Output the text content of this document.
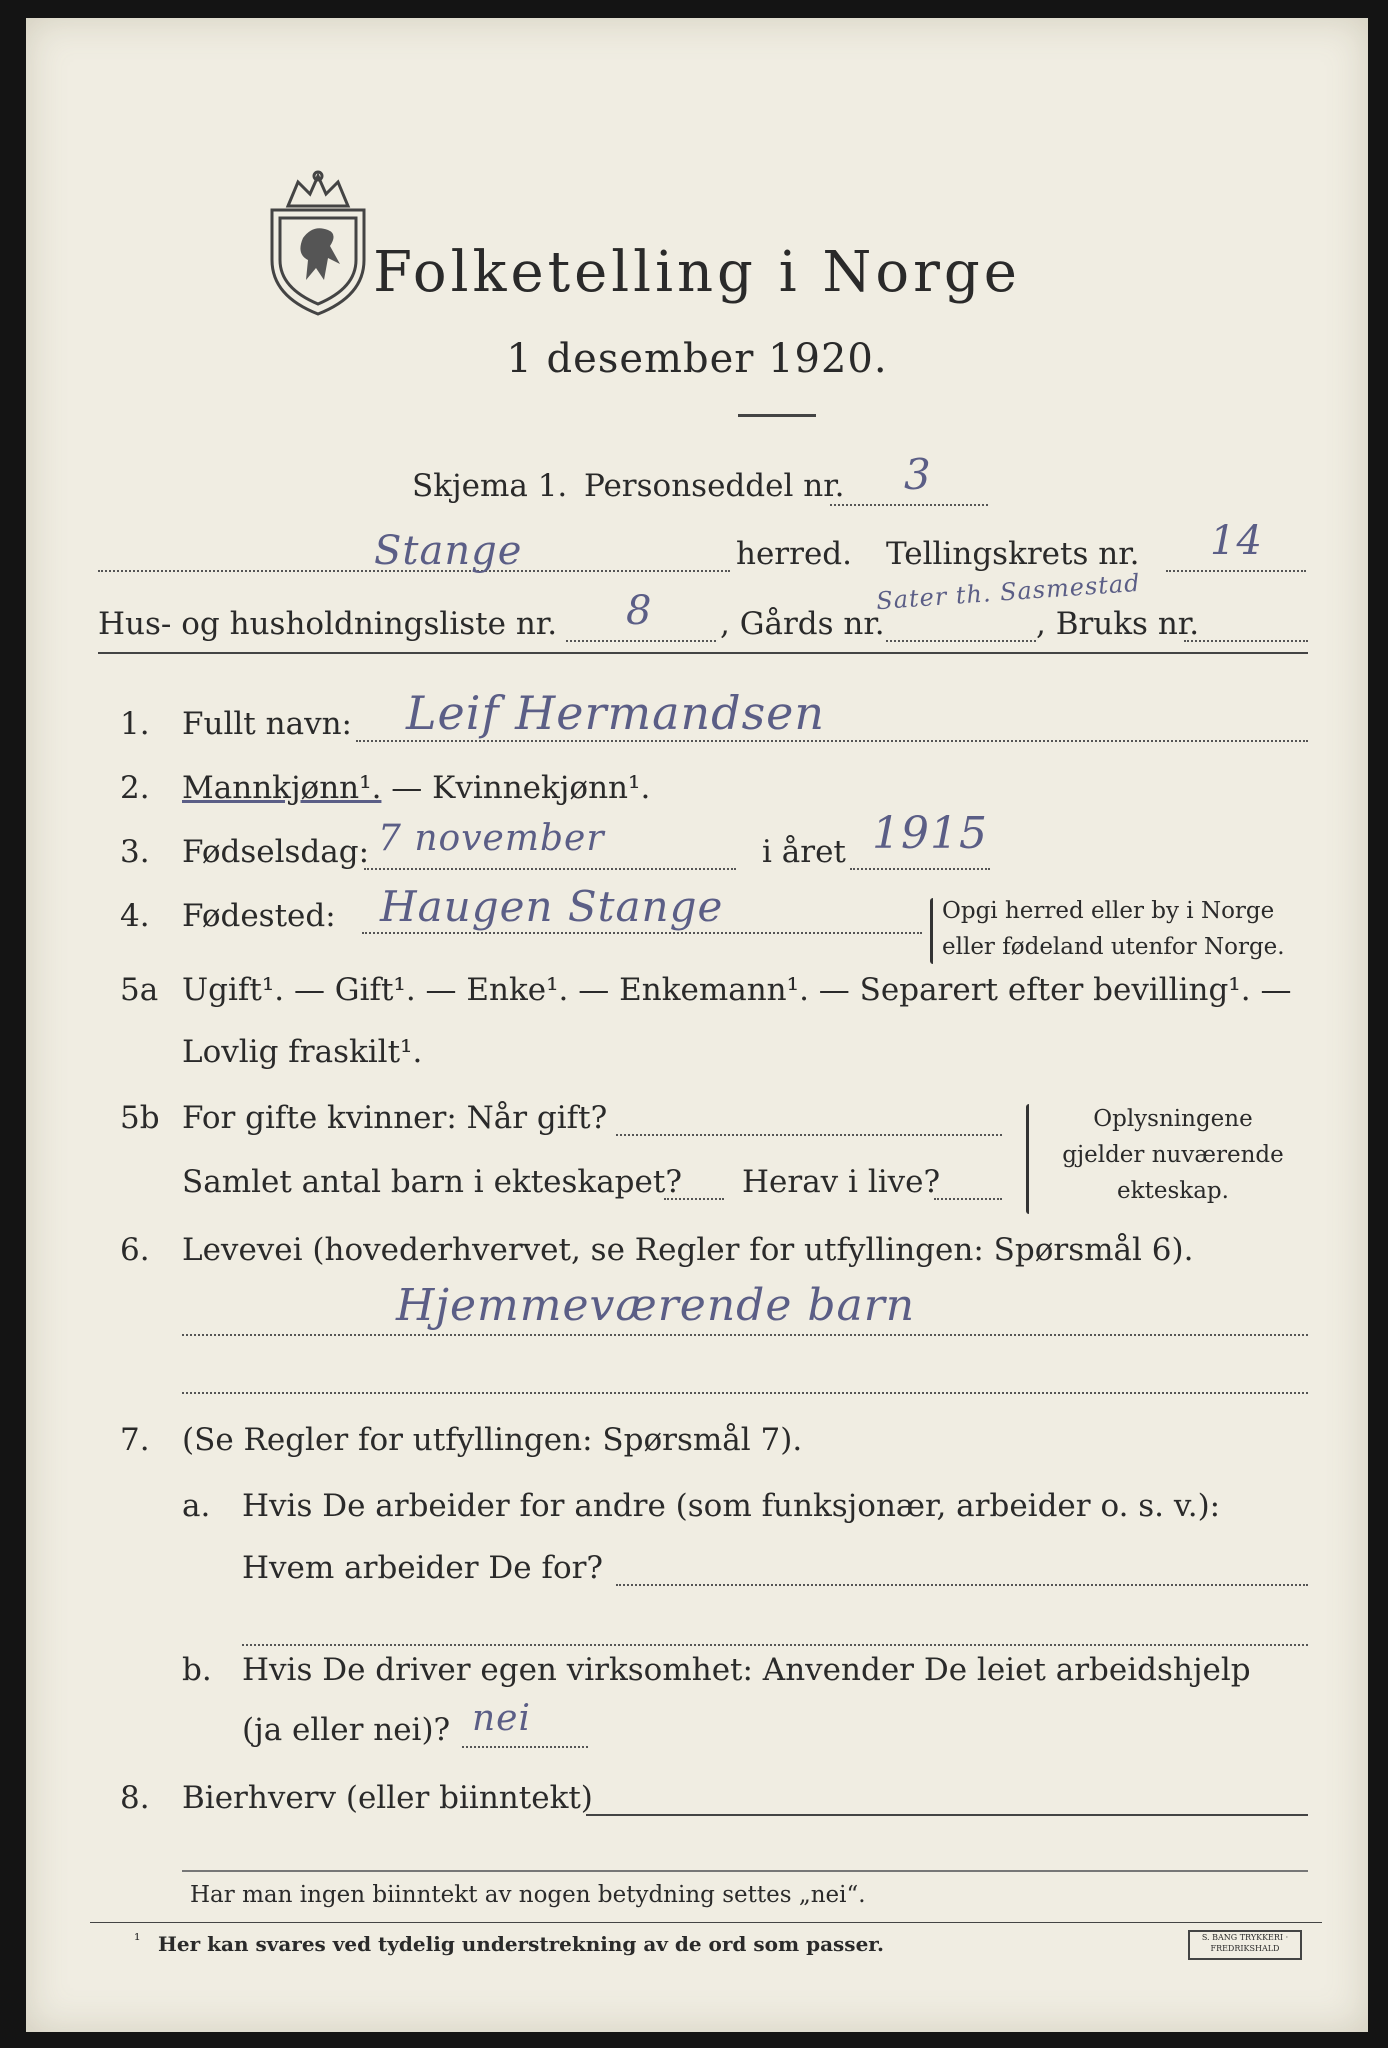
Folketelling i Norge
1 desember 1920.
Skjema 1. Personseddel nr. 3
Stange	herred. Tellingskrets nr. 14
Sater th. Sasmestad
Hus- og husholdningsliste nr. 8 , Gårds nr.	, Bruks nr.
1. Fullt navn: Leif Hermandsen
2. Mannkjønn¹. — Kvinnekjønn¹.
3. Fødselsdag: 7 november	i året 1915
4. Fødested: Haugen Stange	Opgi herred eller by i Norge
eller fødeland utenfor Norge.
5a Ugift¹. — Gift¹. — Enke¹. — Enkemann¹. — Separert efter bevilling¹. —
Lovlig fraskilt¹.
5b For gifte kvinner: Når gift?
Samlet antal barn i ekteskapet? Herav i live?
Oplysningene
gjelder nuværende
ekteskap.
6. Levevei (hovederhvervet, se Regler for utfyllingen: Spørsmål 6).
Hjemmeværende barn
7. (Se Regler for utfyllingen: Spørsmål 7).
a. Hvis De arbeider for andre (som funksjonær, arbeider o. s. v.):
Hvem arbeider De for?
b. Hvis De driver egen virksomhet: Anvender De leiet arbeidshjelp
(ja eller nei)? nei
8. Bierhverv (eller biinntekt)
Har man ingen biinntekt av nogen betydning settes „nei“.
¹ Her kan svares ved tydelig understrekning av de ord som passer.	S. BANG TRYKKERI · FREDRIKSHALD
